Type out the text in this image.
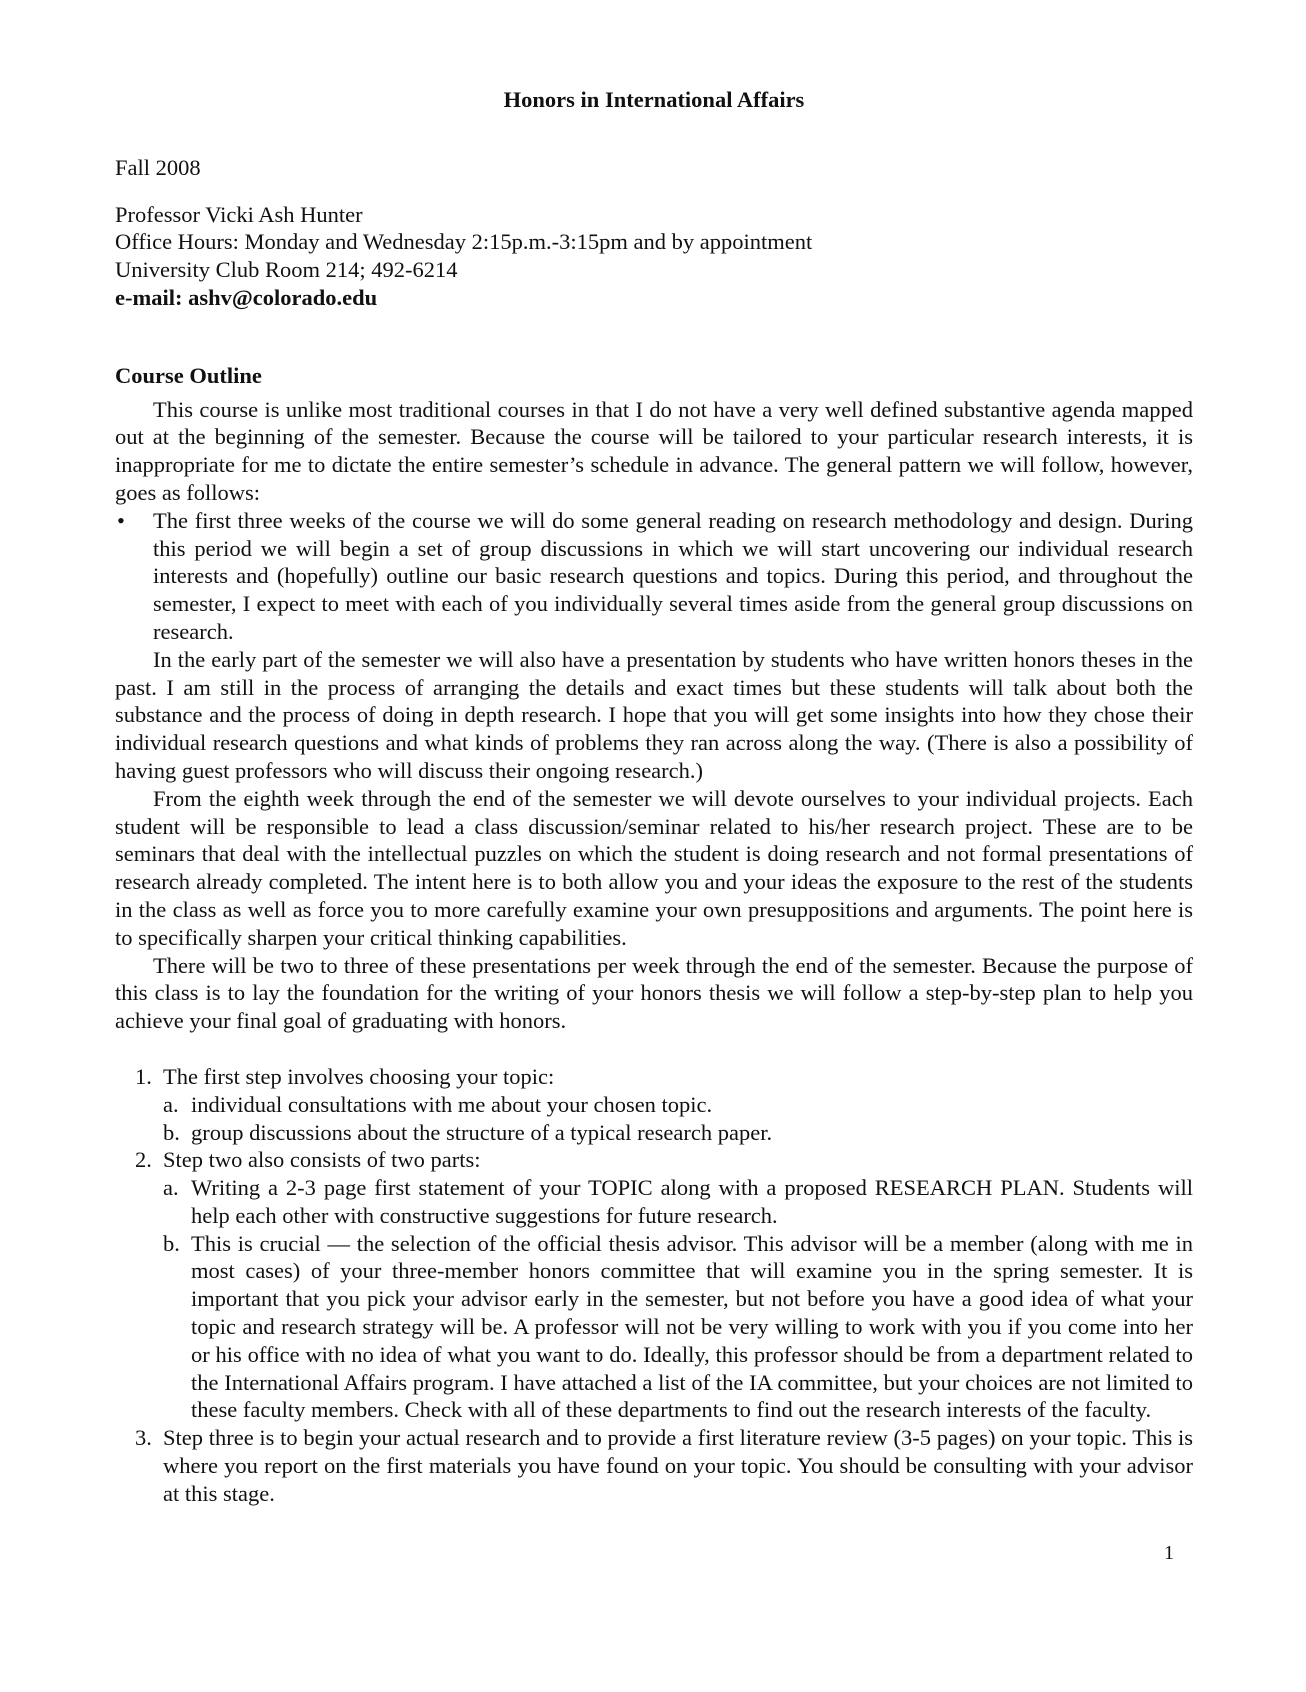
Honors in International Affairs
Fall 2008
Professor Vicki Ash Hunter
Office Hours: Monday and Wednesday 2:15p.m.-3:15pm and by appointment
University Club Room 214; 492-6214
e-mail: ashv@colorado.edu
Course Outline

This course is unlike most traditional courses in that I do not have a very well defined substantive agenda mapped out at the beginning of the semester. Because the course will be tailored to your particular research interests, it is inappropriate for me to dictate the entire semester’s schedule in advance. The general pattern we will follow, however, goes as follows:

• The first three weeks of the course we will do some general reading on research methodology and design. During this period we will begin a set of group discussions in which we will start uncovering our individual research interests and (hopefully) outline our basic research questions and topics. During this period, and throughout the semester, I expect to meet with each of you individually several times aside from the general group discussions on research.

In the early part of the semester we will also have a presentation by students who have written honors theses in the past. I am still in the process of arranging the details and exact times but these students will talk about both the substance and the process of doing in depth research. I hope that you will get some insights into how they chose their individual research questions and what kinds of problems they ran across along the way. (There is also a possibility of having guest professors who will discuss their ongoing research.)

From the eighth week through the end of the semester we will devote ourselves to your individual projects. Each student will be responsible to lead a class discussion/seminar related to his/her research project. These are to be seminars that deal with the intellectual puzzles on which the student is doing research and not formal presentations of research already completed. The intent here is to both allow you and your ideas the exposure to the rest of the students in the class as well as force you to more carefully examine your own presuppositions and arguments. The point here is to specifically sharpen your critical thinking capabilities.

There will be two to three of these presentations per week through the end of the semester. Because the purpose of this class is to lay the foundation for the writing of your honors thesis we will follow a step-by-step plan to help you achieve your final goal of graduating with honors.

1. The first step involves choosing your topic:
a. individual consultations with me about your chosen topic.
b. group discussions about the structure of a typical research paper.
2. Step two also consists of two parts:
a. Writing a 2-3 page first statement of your TOPIC along with a proposed RESEARCH PLAN. Students will help each other with constructive suggestions for future research.
b. This is crucial — the selection of the official thesis advisor. This advisor will be a member (along with me in most cases) of your three-member honors committee that will examine you in the spring semester. It is important that you pick your advisor early in the semester, but not before you have a good idea of what your topic and research strategy will be. A professor will not be very willing to work with you if you come into her or his office with no idea of what you want to do. Ideally, this professor should be from a department related to the International Affairs program. I have attached a list of the IA committee, but your choices are not limited to these faculty members. Check with all of these departments to find out the research interests of the faculty.
3. Step three is to begin your actual research and to provide a first literature review (3-5 pages) on your topic. This is where you report on the first materials you have found on your topic. You should be consulting with your advisor at this stage.
1
